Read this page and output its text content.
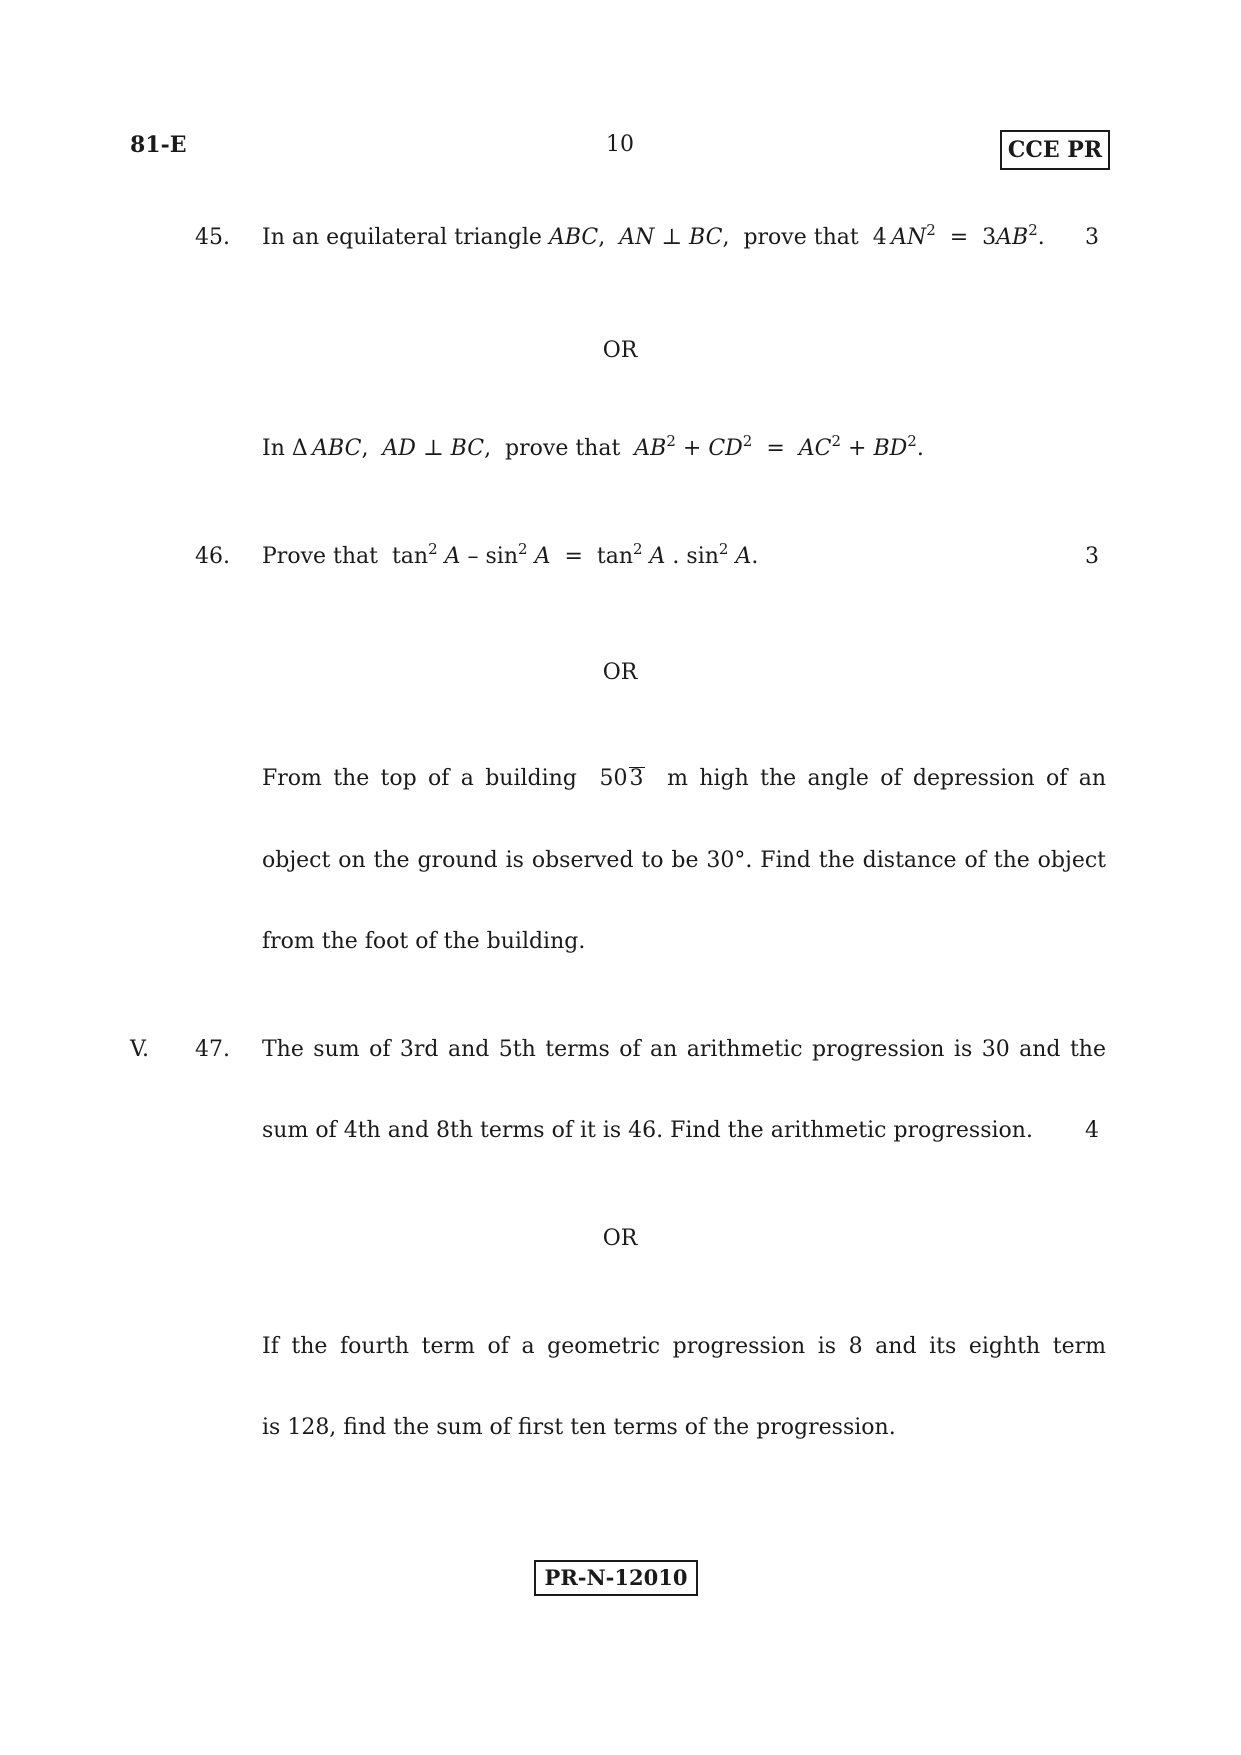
81-E	10	CCE PR
45. In an equilateral triangle ABC,  AN ⊥ BC,  prove that  4 $AN^2 = 3AB^2$.	3
OR
In Δ ABC,  AD ⊥ BC,  prove that  $AB^2 + CD^2 = AC^2 + BD^2$.
46. Prove that  $\tan^2 A - \sin^2 A = \tan^2 A$ . $\sin^2 A$.	3
OR
From the top of a building  503  m high the angle of depression of an
object on the ground is observed to be 30°. Find the distance of the object
from the foot of the building.
V. 47. The sum of 3rd and 5th terms of an arithmetic progression is 30 and the
sum of 4th and 8th terms of it is 46. Find the arithmetic progression.	4
OR
If the fourth term of a geometric progression is 8 and its eighth term
is 128, find the sum of first ten terms of the progression.
PR-N-12010
